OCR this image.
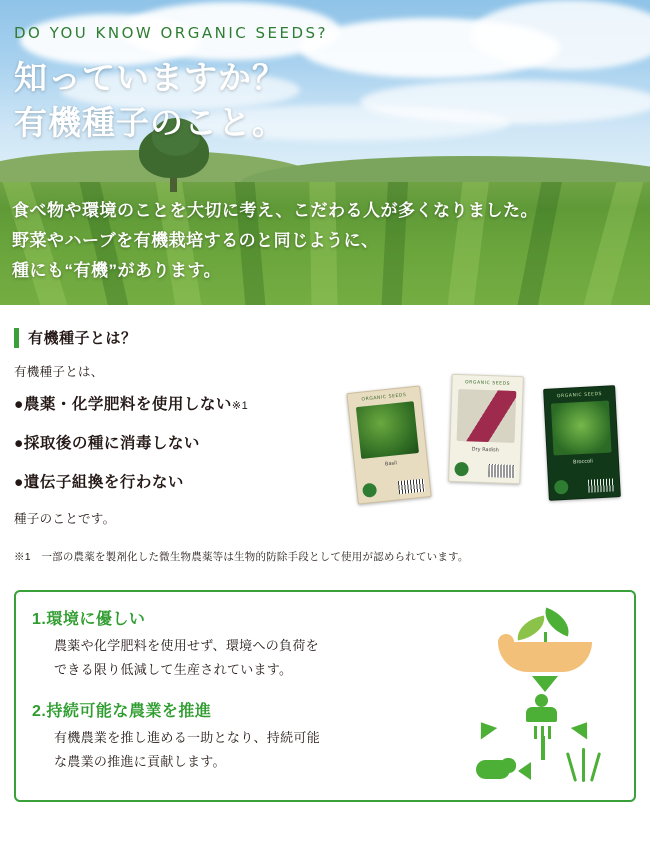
DO YOU KNOW ORGANIC SEEDS?
知っていますか？
有機種子のこと。
食べ物や環境のことを大切に考え、こだわる人が多くなりました。
野菜やハーブを有機栽培するのと同じように、
種にも“有機”があります。
有機種子とは？
有機種子とは、
●農薬・化学肥料を使用しない※1
●採取後の種に消毒しない
●遺伝子組換を行わない
種子のことです。
※1　一部の農薬を製剤化した微生物農薬等は生物的防除手段として使用が認められています。
ORGANIC SEEDS
Basil
ORGANIC SEEDS
Dry Radish
ORGANIC SEEDS
Broccoli
1.環境に優しい
農薬や化学肥料を使用せず、環境への負荷を
できる限り低減して生産されています。
2.持続可能な農業を推進
有機農業を推し進める一助となり、持続可能
な農業の推進に貢献します。
